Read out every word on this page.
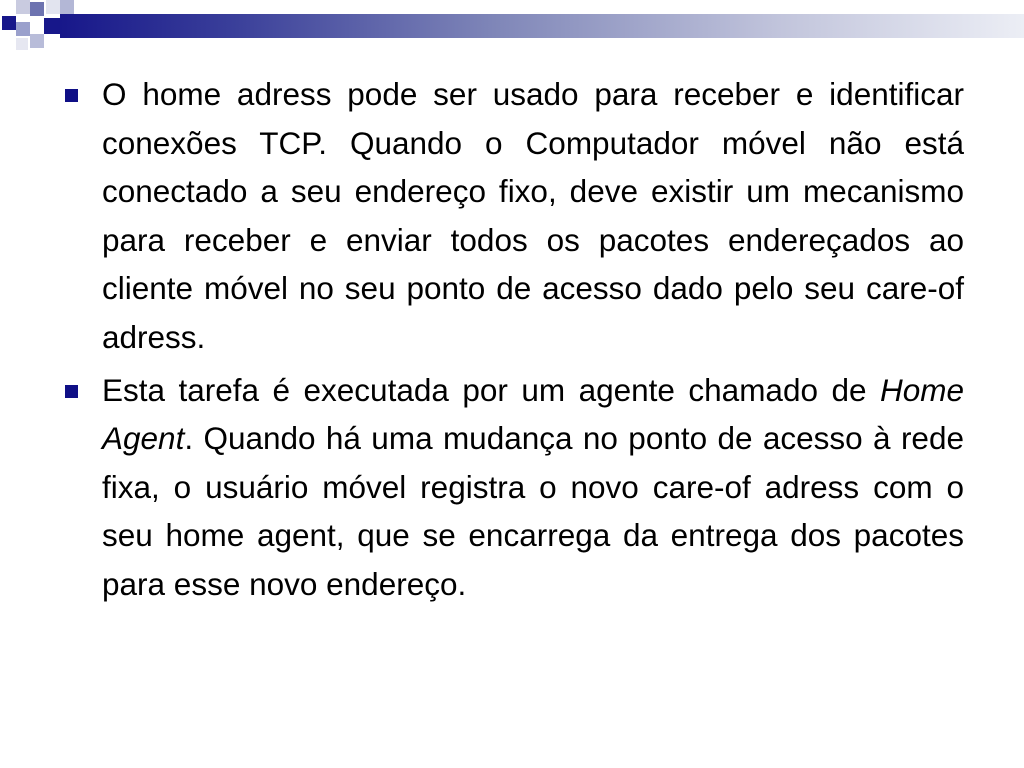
O home adress pode ser usado para receber e identificar conexões TCP. Quando o Computador móvel não está conectado a seu endereço fixo, deve existir um mecanismo para receber e enviar todos os pacotes endereçados ao cliente móvel no seu ponto de acesso dado pelo seu care-of adress.
Esta tarefa é executada por um agente chamado de Home Agent. Quando há uma mudança no ponto de acesso à rede fixa, o usuário móvel registra o novo care-of adress com o seu home agent, que se encarrega da entrega dos pacotes para esse novo endereço.
